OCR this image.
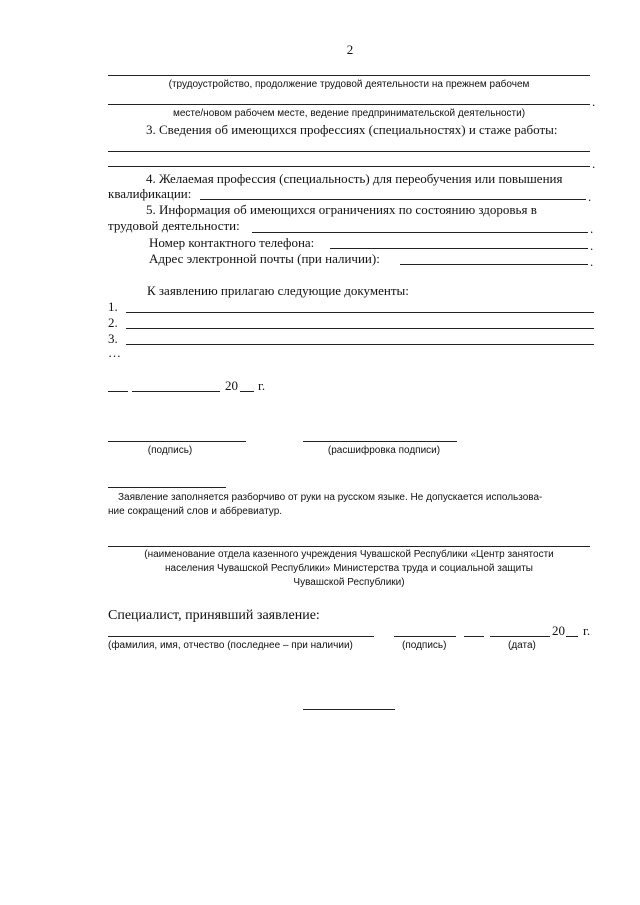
2
(трудоустройство, продолжение трудовой деятельности на прежнем рабочем
.
месте/новом рабочем месте, ведение предпринимательской деятельности)
3. Сведения об имеющихся профессиях (специальностях) и стаже работы:
.
4. Желаемая профессия (специальность) для переобучения или повышения
квалификации:	.
5. Информация об имеющихся ограничениях по состоянию здоровья в
трудовой деятельности:	.
Номер контактного телефона:	.
Адрес электронной почты (при наличии):	.
К заявлению прилагаю следующие документы:
1.
2.
3.
…
20 г.
(подпись)	(расшифровка подписи)
Заявление заполняется разборчиво от руки на русском языке. Не допускается использова-
ние сокращений слов и аббревиатур.
(наименование отдела казенного учреждения Чувашской Республики «Центр занятости
населения Чувашской Республики» Министерства труда и социальной защиты
Чувашской Республики)
Специалист, принявший заявление:
20 г.
(фамилия, имя, отчество (последнее – при наличии)	(подпись)	(дата)
